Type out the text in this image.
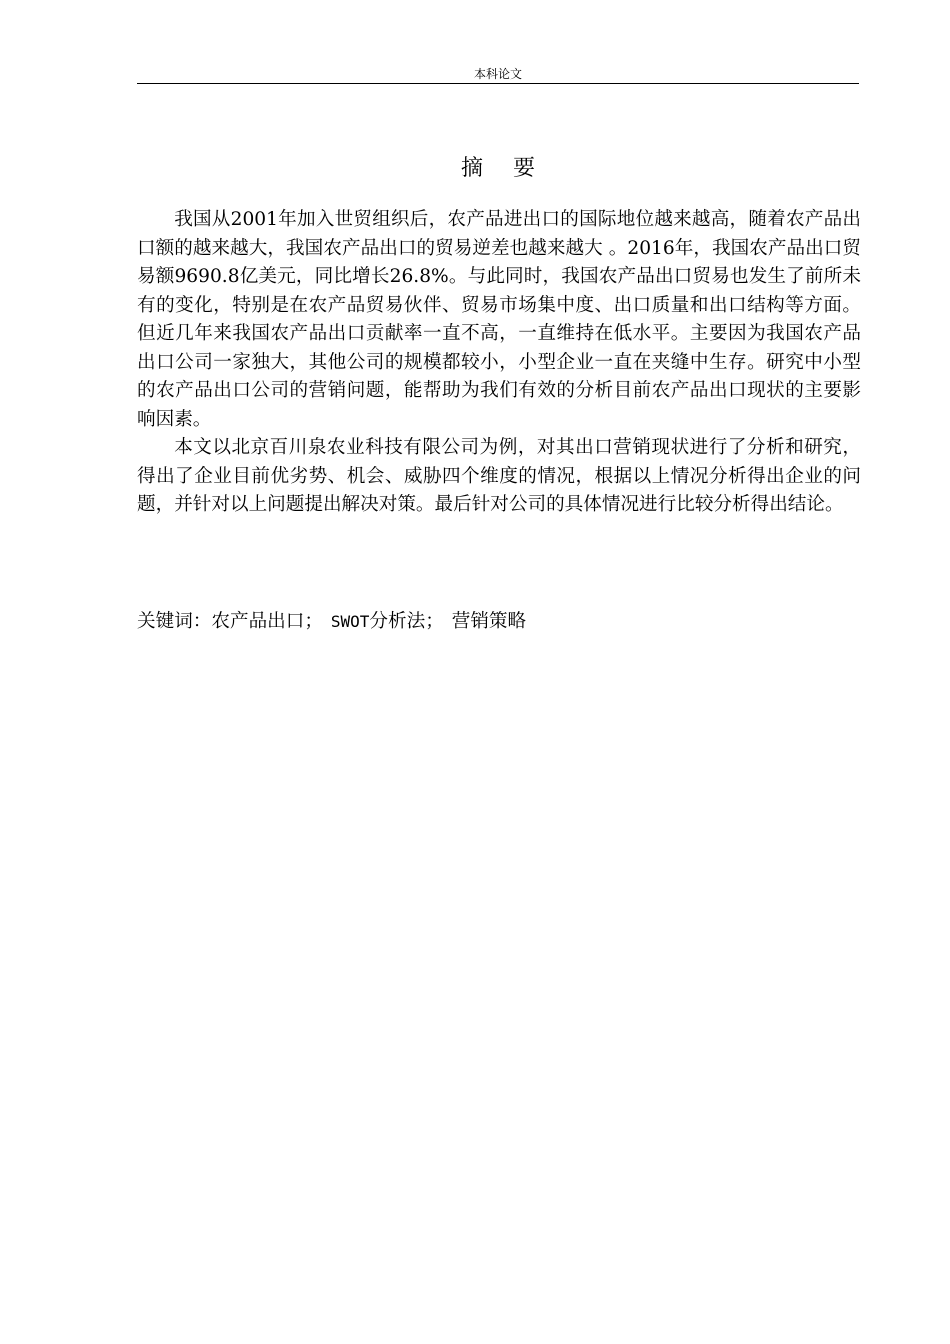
本科论文
摘要

我国从2001年加入世贸组织后，农产品进出口的国际地位越来越高，随着农产品出口额的越来越大，我国农产品出口的贸易逆差也越来越大 。2016年，我国农产品出口贸易额9690.8亿美元，同比增长26.8%。与此同时，我国农产品出口贸易也发生了前所未有的变化，特别是在农产品贸易伙伴、贸易市场集中度、出口质量和出口结构等方面。但近几年来我国农产品出口贡献率一直不高，一直维持在低水平。主要因为我国农产品出口公司一家独大，其他公司的规模都较小，小型企业一直在夹缝中生存。研究中小型的农产品出口公司的营销问题，能帮助为我们有效的分析目前农产品出口现状的主要影响因素。

本文以北京百川泉农业科技有限公司为例，对其出口营销现状进行了分析和研究，得出了企业目前优劣势、机会、威胁四个维度的情况，根据以上情况分析得出企业的问题，并针对以上问题提出解决对策。最后针对公司的具体情况进行比较分析得出结论。

关键词：农产品出口； SWOT分析法； 营销策略
